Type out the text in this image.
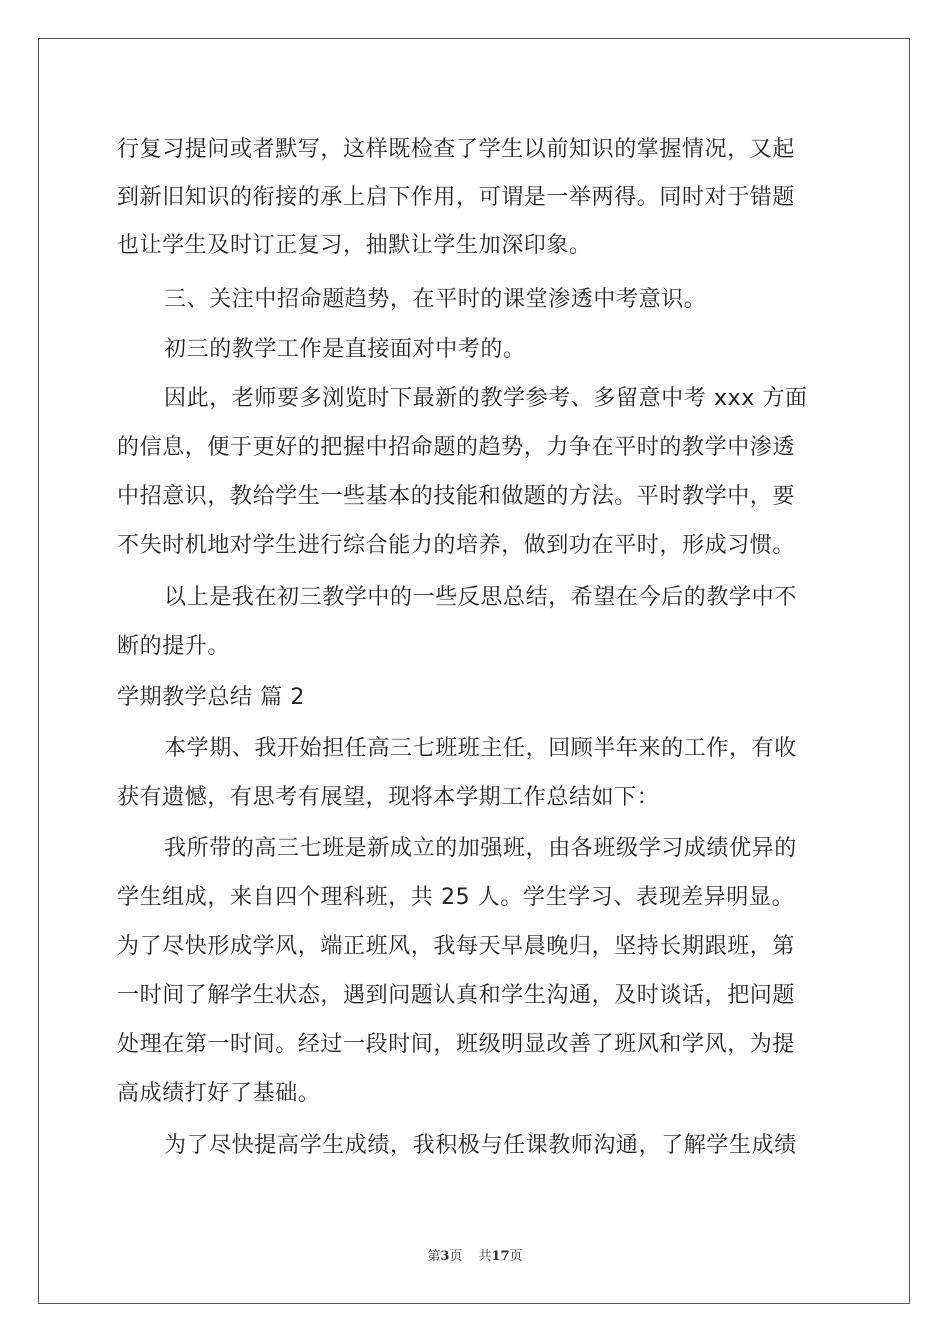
行复习提问或者默写，这样既检查了学生以前知识的掌握情况，又起
到新旧知识的衔接的承上启下作用，可谓是一举两得。同时对于错题
也让学生及时订正复习，抽默让学生加深印象。
三、关注中招命题趋势，在平时的课堂渗透中考意识。
初三的教学工作是直接面对中考的。
因此，老师要多浏览时下最新的教学参考、多留意中考 xxx 方面
的信息，便于更好的把握中招命题的趋势，力争在平时的教学中渗透
中招意识，教给学生一些基本的技能和做题的方法。平时教学中，要
不失时机地对学生进行综合能力的培养，做到功在平时，形成习惯。
以上是我在初三教学中的一些反思总结，希望在今后的教学中不
断的提升。
学期教学总结 篇 2
本学期、我开始担任高三七班班主任，回顾半年来的工作，有收
获有遗憾，有思考有展望，现将本学期工作总结如下：
我所带的高三七班是新成立的加强班，由各班级学习成绩优异的
学生组成，来自四个理科班，共 25 人。学生学习、表现差异明显。
为了尽快形成学风，端正班风，我每天早晨晚归，坚持长期跟班，第
一时间了解学生状态，遇到问题认真和学生沟通，及时谈话，把问题
处理在第一时间。经过一段时间，班级明显改善了班风和学风，为提
高成绩打好了基础。
为了尽快提高学生成绩，我积极与任课教师沟通，了解学生成绩
第3页 共17页
